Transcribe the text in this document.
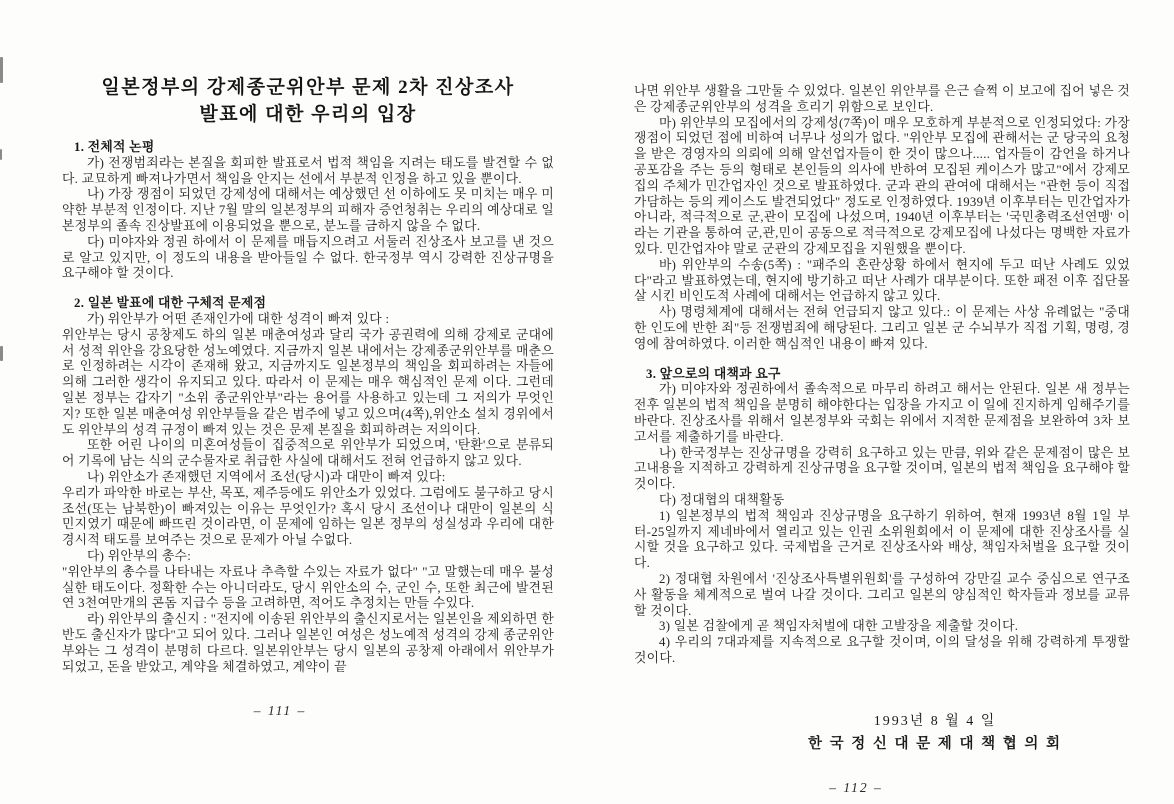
일본정부의 강제종군위안부 문제 2차 진상조사
발표에 대한 우리의 입장

1. 전체적 논평

가) 전쟁범죄라는 본질을 회피한 발표로서 법적 책임을 지려는 태도를 발견할 수 없다. 교묘하게 빠져나가면서 책임을 안지는 선에서 부분적 인정을 하고 있을 뿐이다.

나) 가장 쟁점이 되었던 강제성에 대해서는 예상했던 선 이하에도 못 미치는 매우 미약한 부분적 인정이다. 지난 7월 말의 일본정부의 피해자 증언청취는 우리의 예상대로 일본정부의 졸속 진상발표에 이용되었을 뿐으로, 분노를 금하지 않을 수 없다.

다) 미야자와 정권 하에서 이 문제를 매듭지으려고 서둘러 진상조사 보고를 낸 것으로 알고 있지만, 이 정도의 내용을 받아들일 수 없다. 한국정부 역시 강력한 진상규명을 요구해야 할 것이다.

2. 일본 발표에 대한 구체적 문제점

가) 위안부가 어떤 존재인가에 대한 성격이 빠져 있다 :

위안부는 당시 공창제도 하의 일본 매춘여성과 달리 국가 공권력에 의해 강제로 군대에서 성적 위안을 강요당한 성노예였다. 지금까지 일본 내에서는 강제종군위안부를 매춘으로 인정하려는 시각이 존재해 왔고, 지금까지도 일본정부의 책임을 회피하려는 자들에 의해 그러한 생각이 유지되고 있다. 따라서 이 문제는 매우 핵심적인 문제 이다. 그런데 일본 정부는 갑자기 "소위 종군위안부"라는 용어를 사용하고 있는데 그 저의가 무엇인지? 또한 일본 매춘여성 위안부들을 같은 범주에 넣고 있으며(4쪽),위안소 설치 경위에서도 위안부의 성격 규정이 빠져 있는 것은 문제 본질을 회피하려는 저의이다.

또한 어린 나이의 미혼여성들이 집중적으로 위안부가 되었으며, '탄환'으로 분류되어 기록에 남는 식의 군수물자로 취급한 사실에 대해서도 전혀 언급하지 않고 있다.

나) 위안소가 존재했던 지역에서 조선(당시)과 대만이 빠져 있다:

우리가 파악한 바로는 부산, 목포, 제주등에도 위안소가 있었다. 그럼에도 불구하고 당시 조선(또는 남북한)이 빠져있는 이유는 무엇인가? 혹시 당시 조선이나 대만이 일본의 식민지였기 때문에 빠뜨린 것이라면, 이 문제에 임하는 일본 정부의 성실성과 우리에 대한 경시적 태도를 보여주는 것으로 문제가 아닐 수없다.

다) 위안부의 총수:

"위안부의 총수를 나타내는 자료나 추측할 수있는 자료가 없다" "고 말했는데 매우 불성실한 태도이다. 정확한 수는 아니더라도, 당시 위안소의 수, 군인 수, 또한 최근에 발견된 연 3천여만개의 콘돔 지급수 등을 고려하면, 적어도 추정치는 만들 수있다.

라) 위안부의 출신지 : "전지에 이송된 위안부의 출신지로서는 일본인을 제외하면 한반도 출신자가 많다"고 되어 있다. 그러나 일본인 여성은 성노예적 성격의 강제 종군위안부와는 그 성격이 분명히 다르다. 일본위안부는 당시 일본의 공창제 아래에서 위안부가 되었고, 돈을 받았고, 계약을 체결하였고, 계약이 끝

– 111 –

나면 위안부 생활을 그만둘 수 있었다. 일본인 위안부를 은근 슬쩍 이 보고에 집어 넣은 것은 강제종군위안부의 성격을 흐리기 위함으로 보인다.

마) 위안부의 모집에서의 강제성(7쪽)이 매우 모호하게 부분적으로 인정되었다: 가장 쟁점이 되었던 점에 비하여 너무나 성의가 없다. "위안부 모집에 관해서는 군 당국의 요청을 받은 경영자의 의뢰에 의해 알선업자들이 한 것이 많으나..... 업자들이 감언을 하거나 공포감을 주는 등의 형태로 본인들의 의사에 반하여 모집된 케이스가 많고"에서 강제모집의 주체가 민간업자인 것으로 발표하였다. 군과 관의 관여에 대해서는 "관헌 등이 직접 가담하는 등의 케이스도 발견되었다" 정도로 인정하였다. 1939년 이후부터는 민간업자가 아니라, 적극적으로 군,관이 모집에 나섰으며, 1940년 이후부터는 '국민총력조선연맹' 이라는 기관을 통하여 군,관,민이 공동으로 적극적으로 강제모집에 나섰다는 명백한 자료가 있다. 민간업자야 말로 군관의 강제모집을 지원했을 뿐이다.

바) 위안부의 수송(5쪽) : "패주의 혼란상황 하에서 현지에 두고 떠난 사례도 있었다"라고 발표하였는데, 현지에 방기하고 떠난 사례가 대부분이다. 또한 패전 이후 집단몰살 시킨 비인도적 사례에 대해서는 언급하지 않고 있다.

사) 명령체계에 대해서는 전혀 언급되지 않고 있다.: 이 문제는 사상 유례없는 "중대한 인도에 반한 죄"등 전쟁범죄에 해당된다. 그리고 일본 군 수뇌부가 직접 기획, 명령, 경영에 참여하였다. 이러한 핵심적인 내용이 빠져 있다.

3. 앞으로의 대책과 요구

가) 미야자와 정권하에서 졸속적으로 마무리 하려고 해서는 안된다. 일본 새 정부는 전후 일본의 법적 책임을 분명히 해야한다는 입장을 가지고 이 일에 진지하게 임해주기를 바란다. 진상조사를 위해서 일본정부와 국회는 위에서 지적한 문제점을 보완하여 3차 보고서를 제출하기를 바란다.

나) 한국정부는 진상규명을 강력히 요구하고 있는 만큼, 위와 같은 문제점이 많은 보고내용을 지적하고 강력하게 진상규명을 요구할 것이며, 일본의 법적 책임을 요구해야 할 것이다.

다) 정대협의 대책활동

1) 일본정부의 법적 책임과 진상규명을 요구하기 위하여, 현재 1993년 8월 1일 부터-25일까지 제네바에서 열리고 있는 인권 소위원회에서 이 문제에 대한 진상조사를 실시할 것을 요구하고 있다. 국제법을 근거로 진상조사와 배상, 책임자처벌을 요구할 것이다.

2) 정대협 차원에서 '진상조사특별위원회'를 구성하여 강만길 교수 중심으로 연구조사 활동을 체계적으로 벌여 나갈 것이다. 그리고 일본의 양심적인 학자들과 정보를 교류할 것이다.

3) 일본 검찰에게 곧 책임자처벌에 대한 고발장을 제출할 것이다.

4) 우리의 7대과제를 지속적으로 요구할 것이며, 이의 달성을 위해 강력하게 투쟁할 것이다.

1993년 8 월 4 일
한 국 정 신 대 문 제 대 책 협 의 회
– 112 –
